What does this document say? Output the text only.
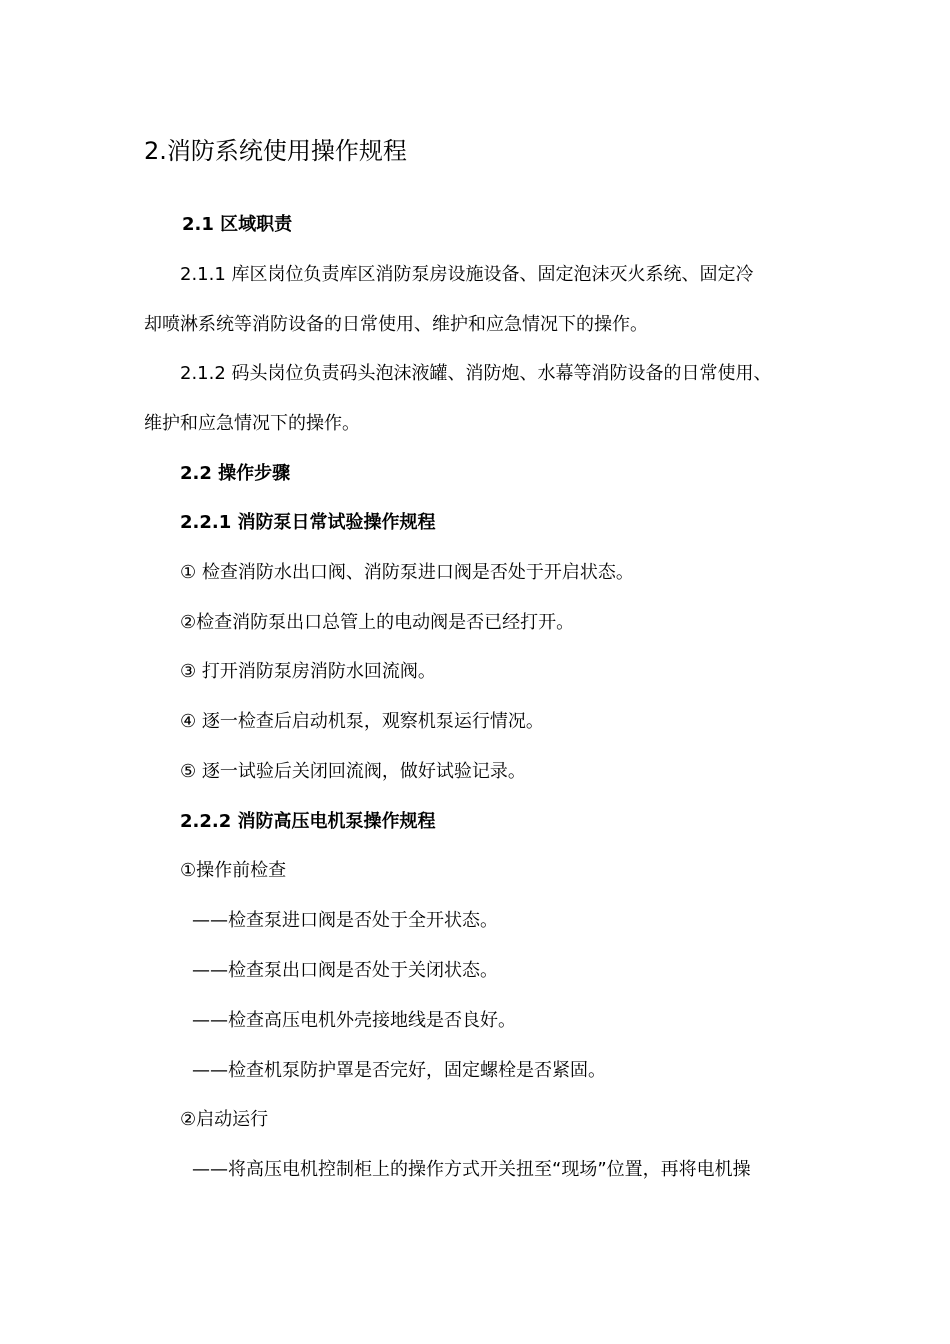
2.消防系统使用操作规程
2.1 区域职责
2.1.1 库区岗位负责库区消防泵房设施设备、固定泡沫灭火系统、固定冷
却喷淋系统等消防设备的日常使用、维护和应急情况下的操作。
2.1.2 码头岗位负责码头泡沫液罐、消防炮、水幕等消防设备的日常使用、
维护和应急情况下的操作。
2.2 操作步骤
2.2.1 消防泵日常试验操作规程
① 检查消防水出口阀、消防泵进口阀是否处于开启状态。
②检查消防泵出口总管上的电动阀是否已经打开。
③ 打开消防泵房消防水回流阀。
④ 逐一检查后启动机泵，观察机泵运行情况。
⑤ 逐一试验后关闭回流阀，做好试验记录。
2.2.2 消防高压电机泵操作规程
①操作前检查
——检查泵进口阀是否处于全开状态。
——检查泵出口阀是否处于关闭状态。
——检查高压电机外壳接地线是否良好。
——检查机泵防护罩是否完好，固定螺栓是否紧固。
②启动运行
——将高压电机控制柜上的操作方式开关扭至“现场”位置，再将电机操
